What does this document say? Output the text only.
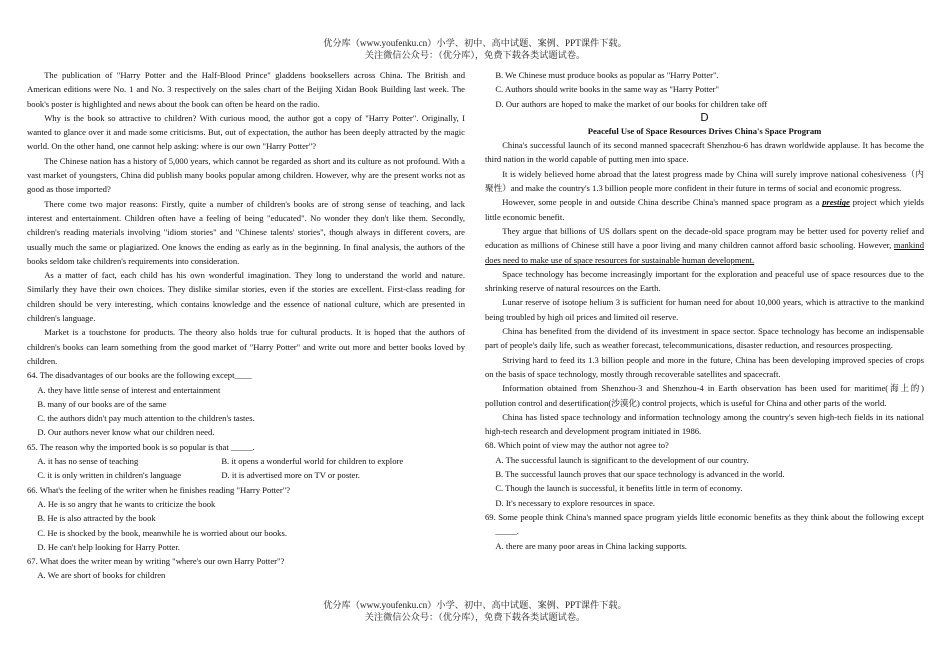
优分库（www.youfenku.cn）小学、初中、高中试题、案例、PPT课件下载。
关注微信公众号：（优分库），免费下载各类试题试卷。

The publication of "Harry Potter and the Half-Blood Prince" gladdens booksellers across China. The British and American editions were No. 1 and No. 3 respectively on the sales chart of the Beijing Xidan Book Building last week. The book's poster is highlighted and news about the book can often be heard on the radio.

Why is the book so attractive to children? With curious mood, the author got a copy of "Harry Potter". Originally, I wanted to glance over it and made some criticisms. But, out of expectation, the author has been deeply attracted by the magic world. On the other hand, one cannot help asking: where is our own "Harry Potter"?

The Chinese nation has a history of 5,000 years, which cannot be regarded as short and its culture as not profound. With a vast market of youngsters, China did publish many books popular among children. However, why are the present works not as good as those imported?

There come two major reasons: Firstly, quite a number of children's books are of strong sense of teaching, and lack interest and entertainment. Children often have a feeling of being "educated". No wonder they don't like them. Secondly, children's reading materials involving "idiom stories" and "Chinese talents' stories", though always in different covers, are usually much the same or plagiarized. One knows the ending as early as in the beginning. In final analysis, the authors of the books seldom take children's requirements into consideration.

As a matter of fact, each child has his own wonderful imagination. They long to understand the world and nature. Similarly they have their own choices. They dislike similar stories, even if the stories are excellent. First-class reading for children should be very interesting, which contains knowledge and the essence of national culture, which are presented in children's language.

Market is a touchstone for products. The theory also holds true for cultural products. It is hoped that the authors of children's books can learn something from the good market of "Harry Potter" and write out more and better books loved by children.

64. The disadvantages of our books are the following except____

A. they have little sense of interest and entertainment

B. many of our books are of the same

C. the authors didn't pay much attention to the children's tastes.

D. Our authors never know what our children need.

65. The reason why the imported book is so popular is that _____.

A. it has no sense of teaching	B. it opens a wonderful world for children to explore
C. it is only written in children's language	D. it is advertised more on TV or poster.

66. What's the feeling of the writer when he finishes reading "Harry Potter"?

A. He is so angry that he wants to criticize the book

B. He is also attracted by the book

C. He is shocked by the book, meanwhile he is worried about our books.

D. He can't help looking for Harry Potter.

67. What does the writer mean by writing "where's our own Harry Potter"?

A. We are short of books for children

B. We Chinese must produce books as popular as "Harry Potter".

C. Authors should write books in the same way as "Harry Potter"

D. Our authors are hoped to make the market of our books for children take off

D

Peaceful Use of Space Resources Drives China's Space Program

China's successful launch of its second manned spacecraft Shenzhou-6 has drawn worldwide applause. It has become the third nation in the world capable of putting men into space.

It is widely believed home abroad that the latest progress made by China will surely improve national cohesiveness（内聚性）and make the country's 1.3 billion people more confident in their future in terms of social and economic progress.

However, some people in and outside China describe China's manned space program as a prestige project which yields little economic benefit.

They argue that billions of US dollars spent on the decade-old space program may be better used for poverty relief and education as millions of Chinese still have a poor living and many children cannot afford basic schooling. However, mankind does need to make use of space resources for sustainable human development.

Space technology has become increasingly important for the exploration and peaceful use of space resources due to the shrinking reserve of natural resources on the Earth.

Lunar reserve of isotope helium 3 is sufficient for human need for about 10,000 years, which is attractive to the mankind being troubled by high oil prices and limited oil reserve.

China has benefited from the dividend of its investment in space sector. Space technology has become an indispensable part of people's daily life, such as weather forecast, telecommunications, disaster reduction, and resources prospecting.

Striving hard to feed its 1.3 billion people and more in the future, China has been developing improved species of crops on the basis of space technology, mostly through recoverable satellites and spacecraft.

Information obtained from Shenzhou-3 and Shenzhou-4 in Earth observation has been used for maritime(海上的) pollution control and desertification(沙漠化) control projects, which is useful for China and other parts of the world.

China has listed space technology and information technology among the country's seven high-tech fields in its national high-tech research and development program initiated in 1986.

68. Which point of view may the author not agree to?

A. The successful launch is significant to the development of our country.

B. The successful launch proves that our space technology is advanced in the world.

C. Though the launch is successful, it benefits little in term of economy.

D. It's necessary to explore resources in space.

69. Some people think China's manned space program yields little economic benefits as they think about the following except _____.

A. there are many poor areas in China lacking supports.

优分库（www.youfenku.cn）小学、初中、高中试题、案例、PPT课件下载。
关注微信公众号：（优分库），免费下载各类试题试卷。
